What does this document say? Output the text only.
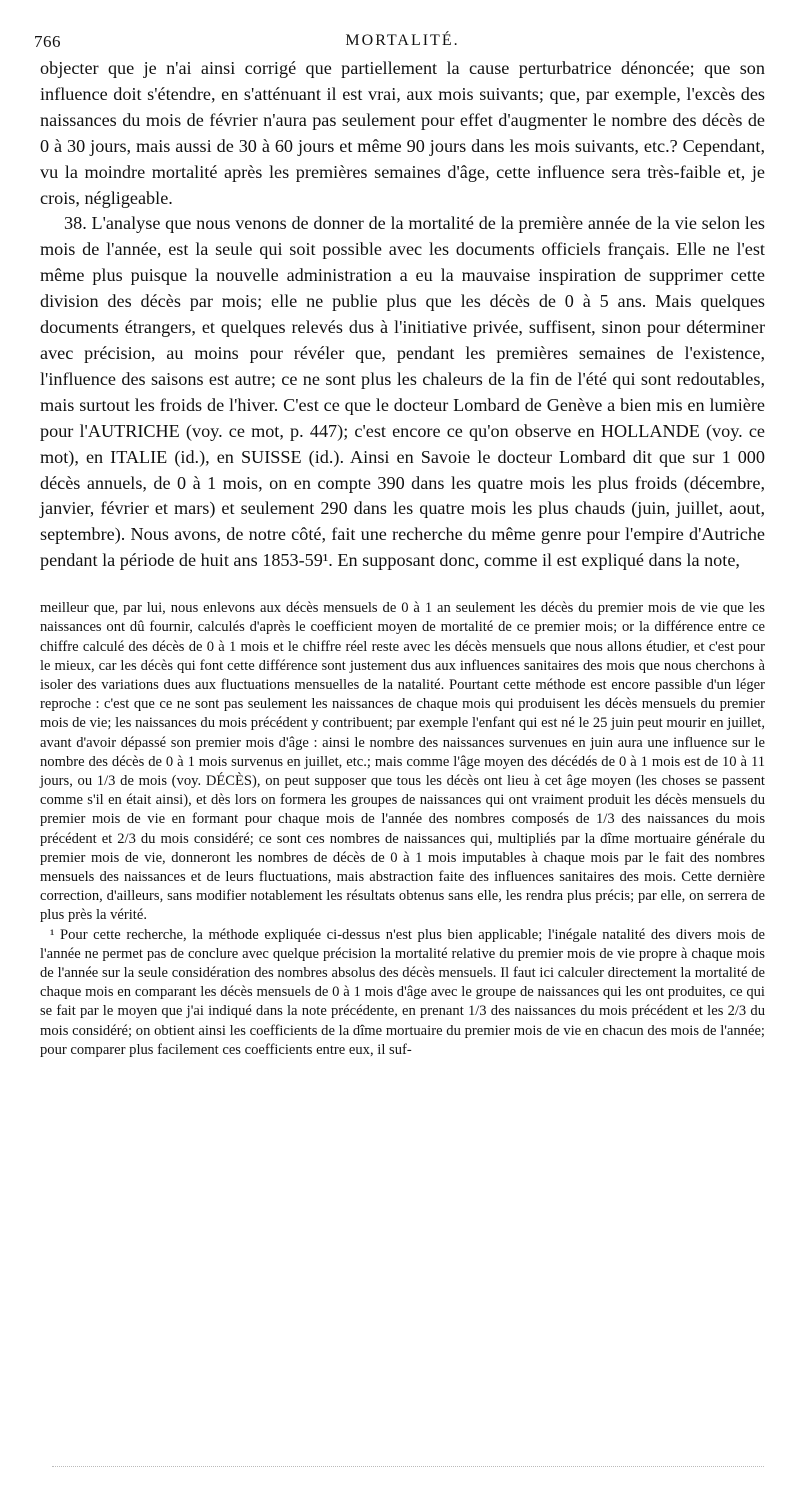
766	MORTALITÉ.

objecter que je n'ai ainsi corrigé que partiellement la cause perturbatrice dénoncée; que son influence doit s'étendre, en s'atténuant il est vrai, aux mois suivants; que, par exemple, l'excès des naissances du mois de février n'aura pas seulement pour effet d'augmenter le nombre des décès de 0 à 30 jours, mais aussi de 30 à 60 jours et même 90 jours dans les mois suivants, etc.? Cependant, vu la moindre mortalité après les premières semaines d'âge, cette influence sera très-faible et, je crois, négligeable.

38. L'analyse que nous venons de donner de la mortalité de la première année de la vie selon les mois de l'année, est la seule qui soit possible avec les documents officiels français. Elle ne l'est même plus puisque la nouvelle administration a eu la mauvaise inspiration de supprimer cette division des décès par mois; elle ne publie plus que les décès de 0 à 5 ans. Mais quelques documents étrangers, et quelques relevés dus à l'initiative privée, suffisent, sinon pour déterminer avec précision, au moins pour révéler que, pendant les premières semaines de l'existence, l'influence des saisons est autre; ce ne sont plus les chaleurs de la fin de l'été qui sont redoutables, mais surtout les froids de l'hiver. C'est ce que le docteur Lombard de Genève a bien mis en lumière pour l'AUTRICHE (voy. ce mot, p. 447); c'est encore ce qu'on observe en HOLLANDE (voy. ce mot), en ITALIE (id.), en SUISSE (id.). Ainsi en Savoie le docteur Lombard dit que sur 1 000 décès annuels, de 0 à 1 mois, on en compte 390 dans les quatre mois les plus froids (décembre, janvier, février et mars) et seulement 290 dans les quatre mois les plus chauds (juin, juillet, aout, septembre). Nous avons, de notre côté, fait une recherche du même genre pour l'empire d'Autriche pendant la période de huit ans 1853-59¹. En supposant donc, comme il est expliqué dans la note,

meilleur que, par lui, nous enlevons aux décès mensuels de 0 à 1 an seulement les décès du premier mois de vie que les naissances ont dû fournir, calculés d'après le coefficient moyen de mortalité de ce premier mois; or la différence entre ce chiffre calculé des décès de 0 à 1 mois et le chiffre réel reste avec les décès mensuels que nous allons étudier, et c'est pour le mieux, car les décès qui font cette différence sont justement dus aux influences sanitaires des mois que nous cherchons à isoler des variations dues aux fluctuations mensuelles de la natalité. Pourtant cette méthode est encore passible d'un léger reproche : c'est que ce ne sont pas seulement les naissances de chaque mois qui produisent les décès mensuels du premier mois de vie; les naissances du mois précédent y contribuent; par exemple l'enfant qui est né le 25 juin peut mourir en juillet, avant d'avoir dépassé son premier mois d'âge : ainsi le nombre des naissances survenues en juin aura une influence sur le nombre des décès de 0 à 1 mois survenus en juillet, etc.; mais comme l'âge moyen des décédés de 0 à 1 mois est de 10 à 11 jours, ou 1/3 de mois (voy. DÉCÈS), on peut supposer que tous les décès ont lieu à cet âge moyen (les choses se passent comme s'il en était ainsi), et dès lors on formera les groupes de naissances qui ont vraiment produit les décès mensuels du premier mois de vie en formant pour chaque mois de l'année des nombres composés de 1/3 des naissances du mois précédent et 2/3 du mois considéré; ce sont ces nombres de naissances qui, multipliés par la dîme mortuaire générale du premier mois de vie, donneront les nombres de décès de 0 à 1 mois imputables à chaque mois par le fait des nombres mensuels des naissances et de leurs fluctuations, mais abstraction faite des influences sanitaires des mois. Cette dernière correction, d'ailleurs, sans modifier notablement les résultats obtenus sans elle, les rendra plus précis; par elle, on serrera de plus près la vérité.

¹ Pour cette recherche, la méthode expliquée ci-dessus n'est plus bien applicable; l'inégale natalité des divers mois de l'année ne permet pas de conclure avec quelque précision la mortalité relative du premier mois de vie propre à chaque mois de l'année sur la seule considération des nombres absolus des décès mensuels. Il faut ici calculer directement la mortalité de chaque mois en comparant les décès mensuels de 0 à 1 mois d'âge avec le groupe de naissances qui les ont produites, ce qui se fait par le moyen que j'ai indiqué dans la note précédente, en prenant 1/3 des naissances du mois précédent et les 2/3 du mois considéré; on obtient ainsi les coefficients de la dîme mortuaire du premier mois de vie en chacun des mois de l'année; pour comparer plus facilement ces coefficients entre eux, il suf-
